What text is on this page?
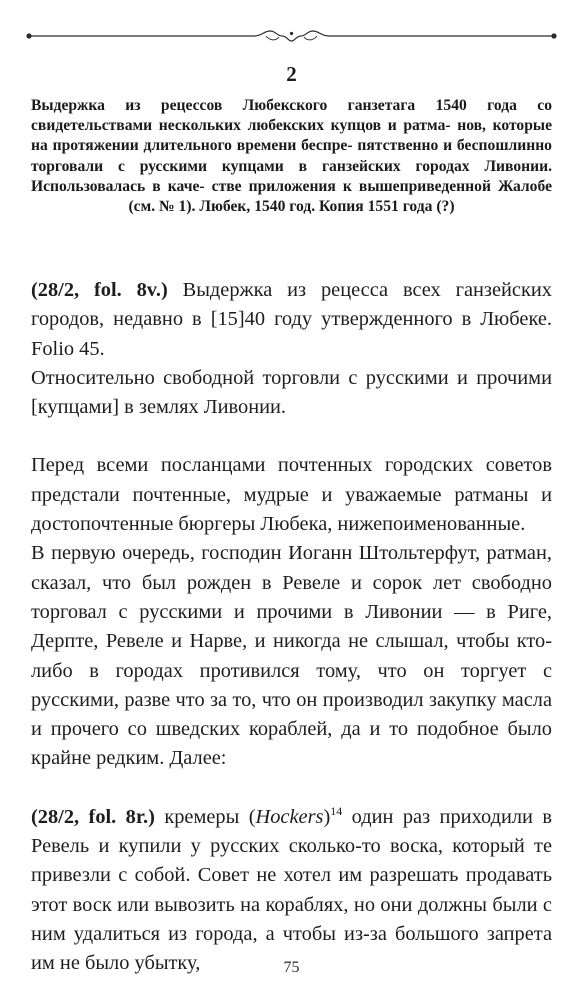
2
Выдержка из рецессов Любекского ганзетага 1540 года со свидетельствами нескольких любекских купцов и ратма- нов, которые на протяжении длительного времени беспре- пятственно и беспошлинно торговали с русскими купцами в ганзейских городах Ливонии. Использовалась в каче- стве приложения к вышеприведенной Жалобе (см. № 1). Любек, 1540 год. Копия 1551 года (?)

(28/2, fol. 8v.) Выдержка из рецесса всех ганзейских городов, недавно в [15]40 году утвержденного в Любеке. Folio 45.

Относительно свободной торговли с русскими и прочими [купцами] в землях Ливонии.

Перед всеми посланцами почтенных городских советов предстали почтенные, мудрые и уважаемые ратманы и достопочтенные бюргеры Любека, нижепоименованные.

В первую очередь, господин Иоганн Штольтерфут, ратман, сказал, что был рожден в Ревеле и сорок лет свободно торговал с русскими и прочими в Ливонии — в Риге, Дерпте, Ревеле и Нарве, и никогда не слышал, чтобы кто-либо в городах противился тому, что он торгует с русскими, разве что за то, что он производил закупку масла и прочего со шведских кораблей, да и то подобное было крайне редким. Далее:

(28/2, fol. 8r.) кремеры (Hockers)$^{14}$ один раз приходили в Ревель и купили у русских сколько-то воска, который те привезли с собой. Совет не хотел им разрешать продавать этот воск или вывозить на кораблях, но они должны были с ним удалиться из города, а чтобы из-за большого запрета им не было убытку,	75
